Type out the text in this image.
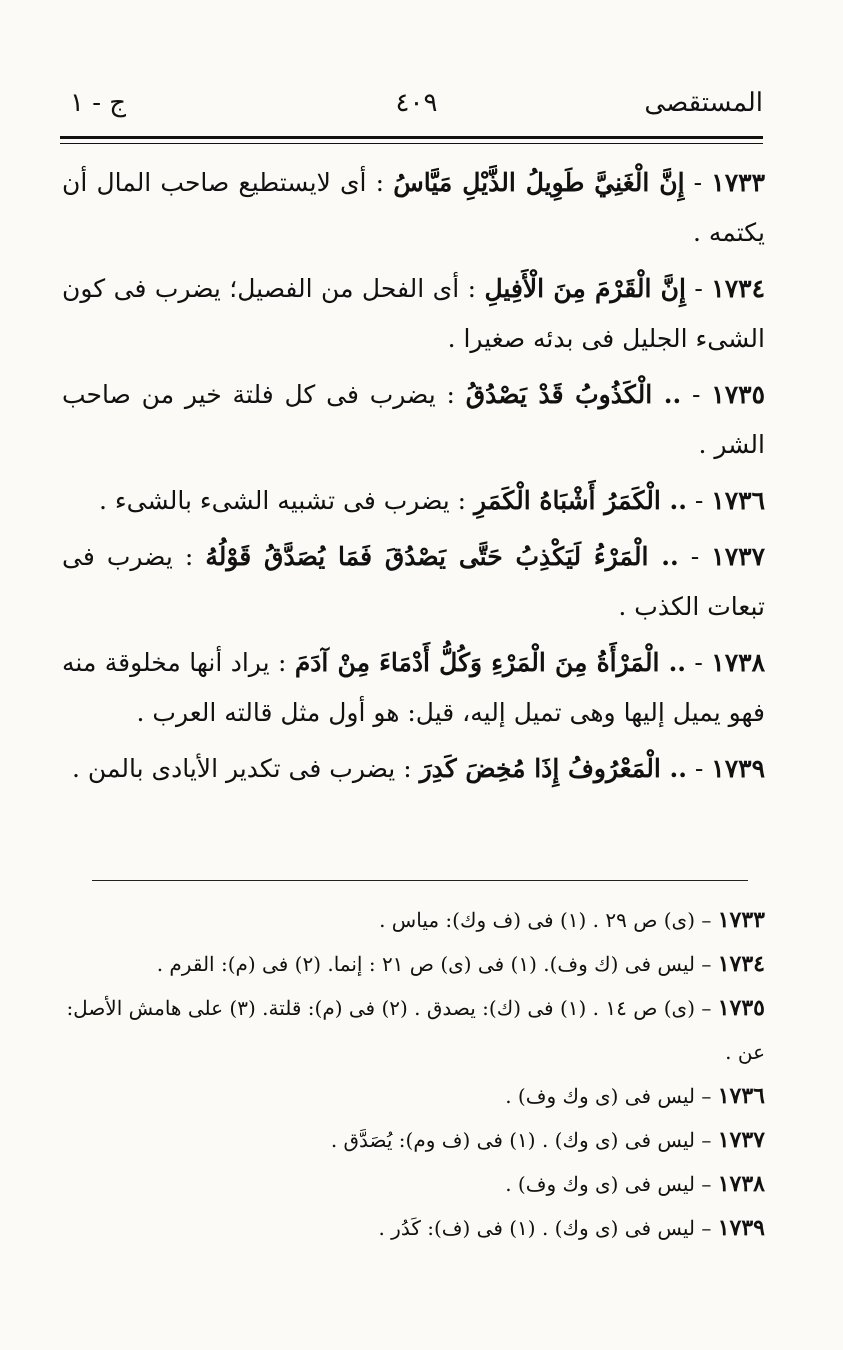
المستقصى
٤٠٩
ج - ١
١٧٣٣ - إِنَّ الْغَنِيَّ طَوِيلُ الذَّيْلِ مَيَّاسُ : أى لايستطيع صاحب المال أن يكتمه .
١٧٣٤ - إِنَّ الْقَرْمَ مِنَ الْأَفِيلِ : أى الفحل من الفصيل؛ يضرب فى كون الشىء الجليل فى بدئه صغيرا .
١٧٣٥ - .. الْكَذُوبُ قَدْ يَصْدُقُ : يضرب فى كل فلتة خير من صاحب الشر .
١٧٣٦ - .. الْكَمَرُ أَشْبَاهُ الْكَمَرِ : يضرب فى تشبيه الشىء بالشىء .
١٧٣٧ - .. الْمَرْءُ لَيَكْذِبُ حَتَّى يَصْدُقَ فَمَا يُصَدَّقُ قَوْلُهُ : يضرب فى تبعات الكذب .
١٧٣٨ - .. الْمَرْأَةُ مِنَ الْمَرْءِ وَكُلُّ أَدْمَاءَ مِنْ آدَمَ : يراد أنها مخلوقة منه فهو يميل إليها وهى تميل إليه، قيل: هو أول مثل قالته العرب .
١٧٣٩ - .. الْمَعْرُوفُ إِذَا مُخِضَ كَدِرَ : يضرب فى تكدير الأيادى بالمن .
١٧٣٣ – (ى) ص ٢٩ . (١) فى (ف وك): مياس .
١٧٣٤ – ليس فى (ك وف). (١) فى (ى) ص ٢١ : إنما. (٢) فى (م): القرم .
١٧٣٥ – (ى) ص ١٤ . (١) فى (ك): يصدق . (٢) فى (م): قلتة. (٣) على هامش الأصل: عن .
١٧٣٦ – ليس فى (ى وك وف) .
١٧٣٧ – ليس فى (ى وك) . (١) فى (ف وم): يُصَدَّق .
١٧٣٨ – ليس فى (ى وك وف) .
١٧٣٩ – ليس فى (ى وك) . (١) فى (ف): كَدُر .
